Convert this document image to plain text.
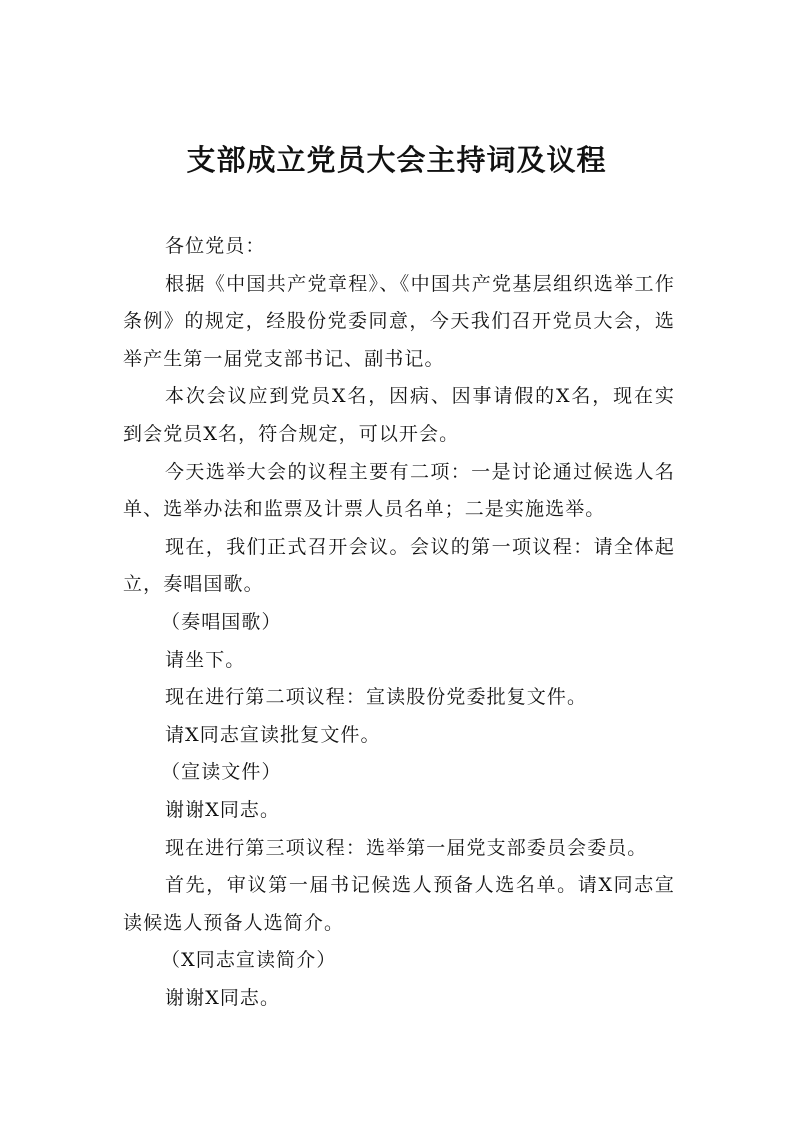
支部成立党员大会主持词及议程

各位党员：

根据《中国共产党章程》、《中国共产党基层组织选举工作条例》的规定，经股份党委同意，今天我们召开党员大会，选举产生第一届党支部书记、副书记。

本次会议应到党员X名，因病、因事请假的X名，现在实到会党员X名，符合规定，可以开会。

今天选举大会的议程主要有二项：一是讨论通过候选人名单、选举办法和监票及计票人员名单；二是实施选举。

现在，我们正式召开会议。会议的第一项议程：请全体起立，奏唱国歌。

（奏唱国歌）

请坐下。

现在进行第二项议程：宣读股份党委批复文件。

请X同志宣读批复文件。

（宣读文件）

谢谢X同志。

现在进行第三项议程：选举第一届党支部委员会委员。

首先，审议第一届书记候选人预备人选名单。请X同志宣读候选人预备人选简介。

（X同志宣读简介）

谢谢X同志。
